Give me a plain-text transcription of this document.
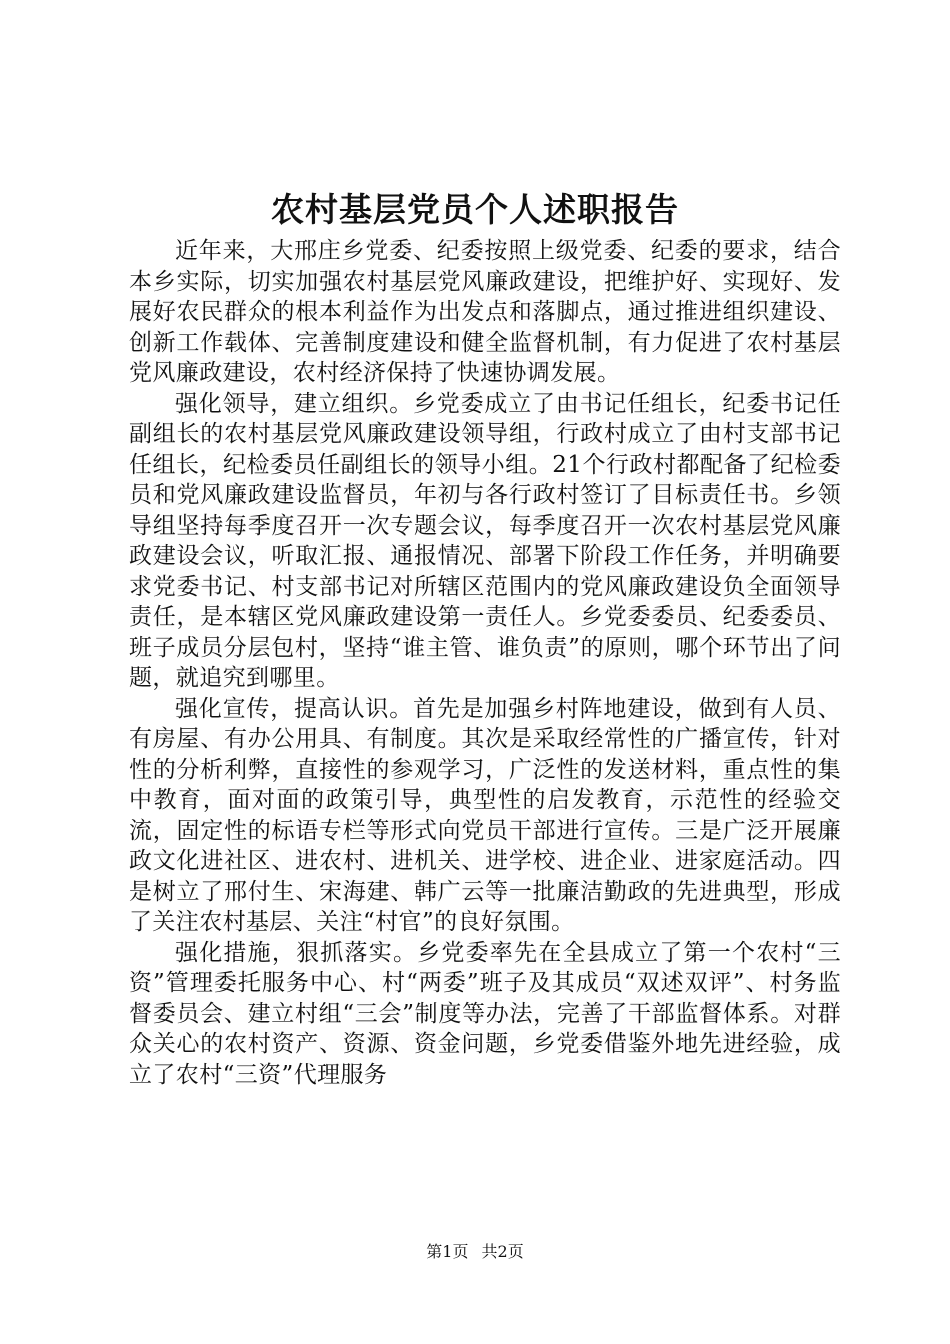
农村基层党员个人述职报告

近年来，大邢庄乡党委、纪委按照上级党委、纪委的要求，结合本乡实际，切实加强农村基层党风廉政建设，把维护好、实现好、发展好农民群众的根本利益作为出发点和落脚点，通过推进组织建设、创新工作载体、完善制度建设和健全监督机制，有力促进了农村基层党风廉政建设，农村经济保持了快速协调发展。

强化领导，建立组织。乡党委成立了由书记任组长，纪委书记任副组长的农村基层党风廉政建设领导组，行政村成立了由村支部书记任组长，纪检委员任副组长的领导小组。21个行政村都配备了纪检委员和党风廉政建设监督员，年初与各行政村签订了目标责任书。乡领导组坚持每季度召开一次专题会议，每季度召开一次农村基层党风廉政建设会议，听取汇报、通报情况、部署下阶段工作任务，并明确要求党委书记、村支部书记对所辖区范围内的党风廉政建设负全面领导责任，是本辖区党风廉政建设第一责任人。乡党委委员、纪委委员、班子成员分层包村，坚持“谁主管、谁负责”的原则，哪个环节出了问题，就追究到哪里。

强化宣传，提高认识。首先是加强乡村阵地建设，做到有人员、有房屋、有办公用具、有制度。其次是采取经常性的广播宣传，针对性的分析利弊，直接性的参观学习，广泛性的发送材料，重点性的集中教育，面对面的政策引导，典型性的启发教育，示范性的经验交流，固定性的标语专栏等形式向党员干部进行宣传。三是广泛开展廉政文化进社区、进农村、进机关、进学校、进企业、进家庭活动。四是树立了邢付生、宋海建、韩广云等一批廉洁勤政的先进典型，形成了关注农村基层、关注“村官”的良好氛围。

强化措施，狠抓落实。乡党委率先在全县成立了第一个农村“三资”管理委托服务中心、村“两委”班子及其成员“双述双评”、村务监督委员会、建立村组“三会”制度等办法，完善了干部监督体系。对群众关心的农村资产、资源、资金问题，乡党委借鉴外地先进经验，成立了农村“三资”代理服务

第1页 共2页
